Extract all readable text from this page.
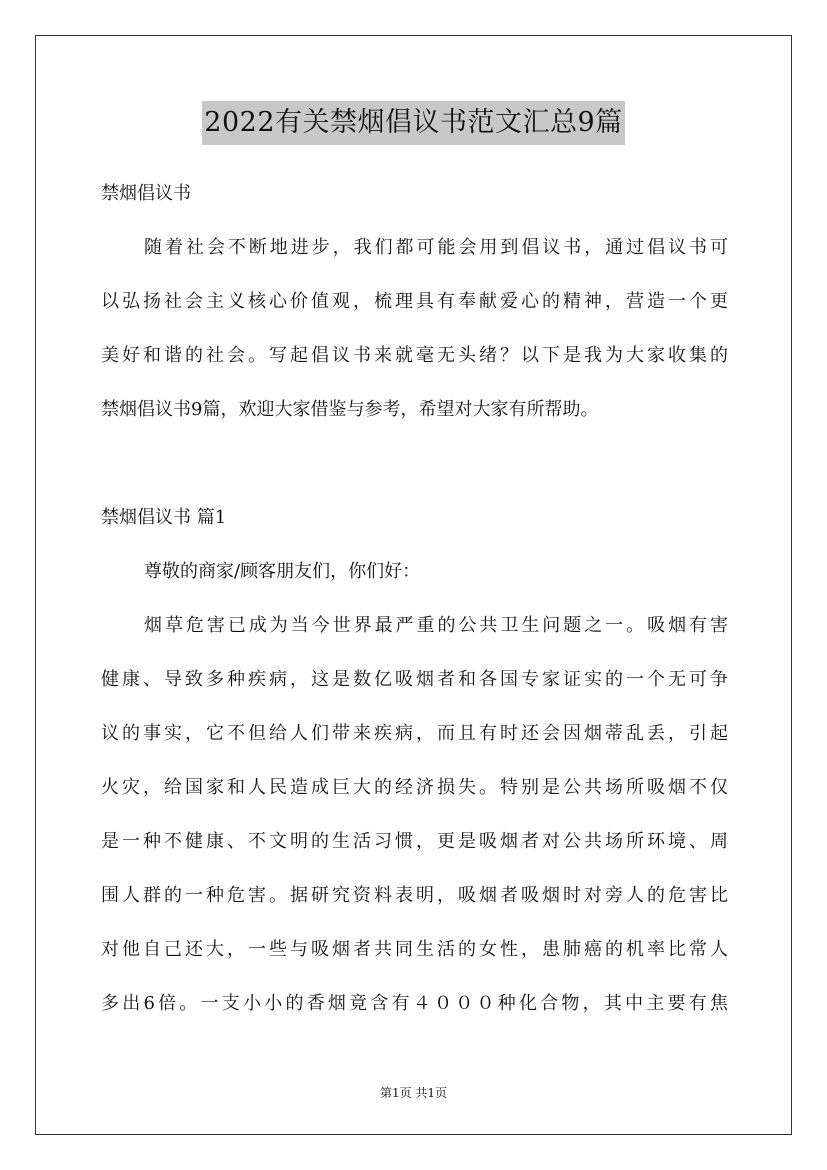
2022有关禁烟倡议书范文汇总9篇
禁烟倡议书
随着社会不断地进步，我们都可能会用到倡议书，通过倡议书可
以弘扬社会主义核心价值观，梳理具有奉献爱心的精神，营造一个更
美好和谐的社会。写起倡议书来就毫无头绪？以下是我为大家收集的
禁烟倡议书9篇，欢迎大家借鉴与参考，希望对大家有所帮助。
禁烟倡议书 篇1
尊敬的商家/顾客朋友们，你们好：
烟草危害已成为当今世界最严重的公共卫生问题之一。吸烟有害
健康、导致多种疾病，这是数亿吸烟者和各国专家证实的一个无可争
议的事实，它不但给人们带来疾病，而且有时还会因烟蒂乱丢，引起
火灾，给国家和人民造成巨大的经济损失。特别是公共场所吸烟不仅
是一种不健康、不文明的生活习惯，更是吸烟者对公共场所环境、周
围人群的一种危害。据研究资料表明，吸烟者吸烟时对旁人的危害比
对他自己还大，一些与吸烟者共同生活的女性，患肺癌的机率比常人
多出6倍。一支小小的香烟竟含有４０００种化合物，其中主要有焦
第1页 共1页
